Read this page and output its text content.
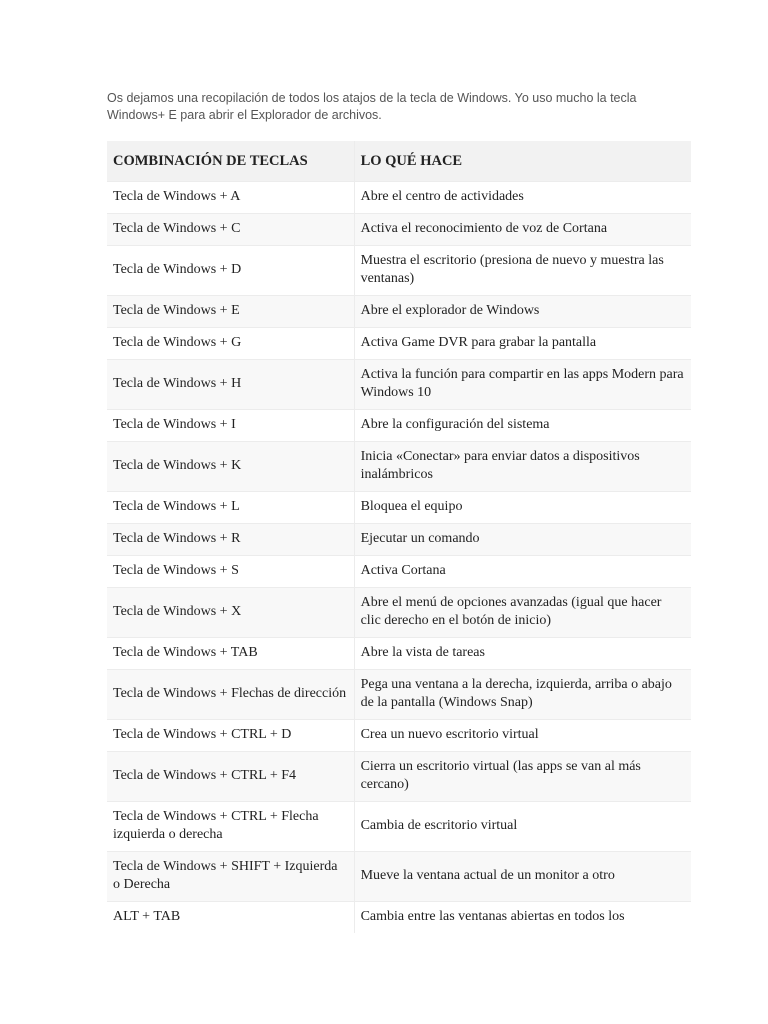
Os dejamos una recopilación de todos los atajos de la tecla de Windows. Yo uso mucho la tecla Windows+ E para abrir el Explorador de archivos.

COMBINACIÓN DE TECLAS	LO QUÉ HACE
Tecla de Windows + A	Abre el centro de actividades
Tecla de Windows + C	Activa el reconocimiento de voz de Cortana
Tecla de Windows + D	Muestra el escritorio (presiona de nuevo y muestra las ventanas)
Tecla de Windows + E	Abre el explorador de Windows
Tecla de Windows + G	Activa Game DVR para grabar la pantalla
Tecla de Windows + H	Activa la función para compartir en las apps Modern para Windows 10
Tecla de Windows + I	Abre la configuración del sistema
Tecla de Windows + K	Inicia «Conectar» para enviar datos a dispositivos inalámbricos
Tecla de Windows + L	Bloquea el equipo
Tecla de Windows + R	Ejecutar un comando
Tecla de Windows + S	Activa Cortana
Tecla de Windows + X	Abre el menú de opciones avanzadas (igual que hacer clic derecho en el botón de inicio)
Tecla de Windows + TAB	Abre la vista de tareas
Tecla de Windows + Flechas de dirección	Pega una ventana a la derecha, izquierda, arriba o abajo de la pantalla (Windows Snap)
Tecla de Windows + CTRL + D	Crea un nuevo escritorio virtual
Tecla de Windows + CTRL + F4	Cierra un escritorio virtual (las apps se van al más cercano)
Tecla de Windows + CTRL + Flecha izquierda o derecha	Cambia de escritorio virtual
Tecla de Windows + SHIFT + Izquierda o Derecha	Mueve la ventana actual de un monitor a otro
ALT + TAB	Cambia entre las ventanas abiertas en todos los
